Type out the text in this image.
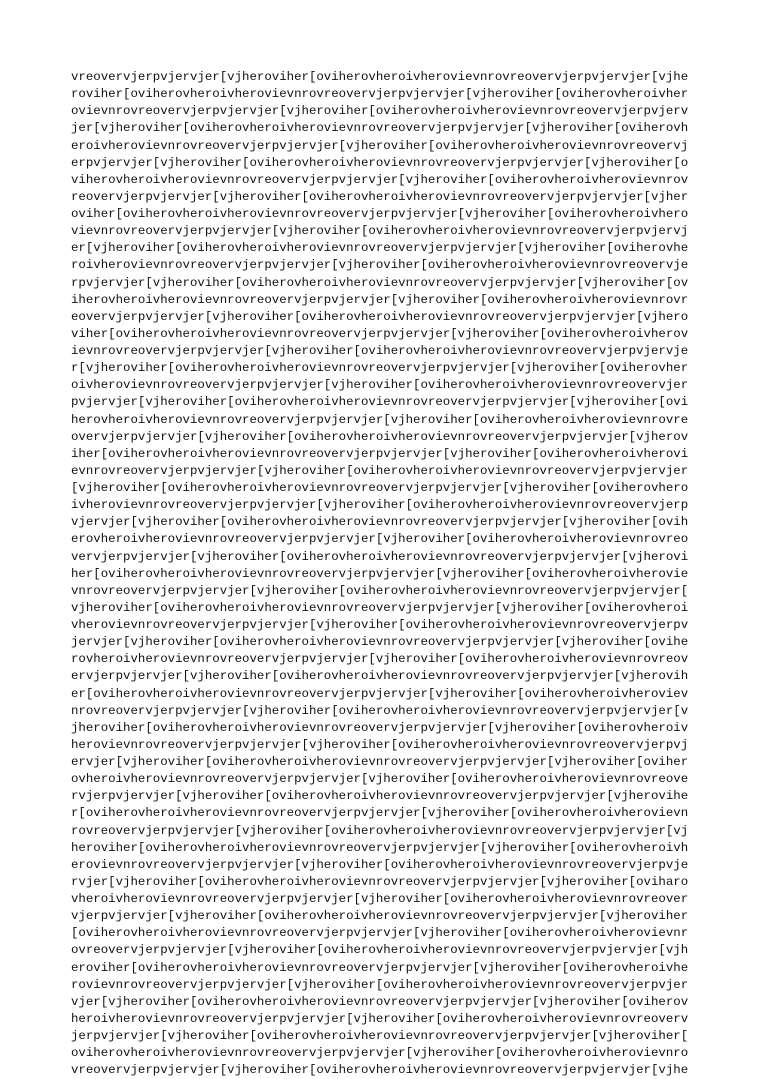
vreovervjerpvjervjer[vjheroviher[oviherovheroivherovievnrovreovervjerpvjervjer[vjhe
roviher[oviherovheroivherovievnrovreovervjerpvjervjer[vjheroviher[oviherovheroivher
ovievnrovreovervjerpvjervjer[vjheroviher[oviherovheroivherovievnrovreovervjerpvjerv
jer[vjheroviher[oviherovheroivherovievnrovreovervjerpvjervjer[vjheroviher[oviherovh
eroivherovievnrovreovervjerpvjervjer[vjheroviher[oviherovheroivherovievnrovreovervj
erpvjervjer[vjheroviher[oviherovheroivherovievnrovreovervjerpvjervjer[vjheroviher[o
viherovheroivherovievnrovreovervjerpvjervjer[vjheroviher[oviherovheroivherovievnrov
reovervjerpvjervjer[vjheroviher[oviherovheroivherovievnrovreovervjerpvjervjer[vjher
oviher[oviherovheroivherovievnrovreovervjerpvjervjer[vjheroviher[oviherovheroivhero
vievnrovreovervjerpvjervjer[vjheroviher[oviherovheroivherovievnrovreovervjerpvjervj
er[vjheroviher[oviherovheroivherovievnrovreovervjerpvjervjer[vjheroviher[oviherovhe
roivherovievnrovreovervjerpvjervjer[vjheroviher[oviherovheroivherovievnrovreovervje
rpvjervjer[vjheroviher[oviherovheroivherovievnrovreovervjerpvjervjer[vjheroviher[ov
iherovheroivherovievnrovreovervjerpvjervjer[vjheroviher[oviherovheroivherovievnrovr
eovervjerpvjervjer[vjheroviher[oviherovheroivherovievnrovreovervjerpvjervjer[vjhero
viher[oviherovheroivherovievnrovreovervjerpvjervjer[vjheroviher[oviherovheroivherov
ievnrovreovervjerpvjervjer[vjheroviher[oviherovheroivherovievnrovreovervjerpvjervje
r[vjheroviher[oviherovheroivherovievnrovreovervjerpvjervjer[vjheroviher[oviherovher
oivherovievnrovreovervjerpvjervjer[vjheroviher[oviherovheroivherovievnrovreovervjer
pvjervjer[vjheroviher[oviherovheroivherovievnrovreovervjerpvjervjer[vjheroviher[ovi
herovheroivherovievnrovreovervjerpvjervjer[vjheroviher[oviherovheroivherovievnrovre
overvjerpvjervjer[vjheroviher[oviherovheroivherovievnrovreovervjerpvjervjer[vjherov
iher[oviherovheroivherovievnrovreovervjerpvjervjer[vjheroviher[oviherovheroivherovi
evnrovreovervjerpvjervjer[vjheroviher[oviherovheroivherovievnrovreovervjerpvjervjer
[vjheroviher[oviherovheroivherovievnrovreovervjerpvjervjer[vjheroviher[oviherovhero
ivherovievnrovreovervjerpvjervjer[vjheroviher[oviherovheroivherovievnrovreovervjerp
vjervjer[vjheroviher[oviherovheroivherovievnrovreovervjerpvjervjer[vjheroviher[ovih
erovheroivherovievnrovreovervjerpvjervjer[vjheroviher[oviherovheroivherovievnrovreo
vervjerpvjervjer[vjheroviher[oviherovheroivherovievnrovreovervjerpvjervjer[vjherovi
her[oviherovheroivherovievnrovreovervjerpvjervjer[vjheroviher[oviherovheroivherovie
vnrovreovervjerpvjervjer[vjheroviher[oviherovheroivherovievnrovreovervjerpvjervjer[
vjheroviher[oviherovheroivherovievnrovreovervjerpvjervjer[vjheroviher[oviherovheroi
vherovievnrovreovervjerpvjervjer[vjheroviher[oviherovheroivherovievnrovreovervjerpv
jervjer[vjheroviher[oviherovheroivherovievnrovreovervjerpvjervjer[vjheroviher[ovihe
rovheroivherovievnrovreovervjerpvjervjer[vjheroviher[oviherovheroivherovievnrovreov
ervjerpvjervjer[vjheroviher[oviherovheroivherovievnrovreovervjerpvjervjer[vjherovih
er[oviherovheroivherovievnrovreovervjerpvjervjer[vjheroviher[oviherovheroivheroviev
nrovreovervjerpvjervjer[vjheroviher[oviherovheroivherovievnrovreovervjerpvjervjer[v
jheroviher[oviherovheroivherovievnrovreovervjerpvjervjer[vjheroviher[oviherovheroiv
herovievnrovreovervjerpvjervjer[vjheroviher[oviherovheroivherovievnrovreovervjerpvj
ervjer[vjheroviher[oviherovheroivherovievnrovreovervjerpvjervjer[vjheroviher[oviher
ovheroivherovievnrovreovervjerpvjervjer[vjheroviher[oviherovheroivherovievnrovreove
rvjerpvjervjer[vjheroviher[oviherovheroivherovievnrovreovervjerpvjervjer[vjherovihe
r[oviherovheroivherovievnrovreovervjerpvjervjer[vjheroviher[oviherovheroivherovievn
rovreovervjerpvjervjer[vjheroviher[oviherovheroivherovievnrovreovervjerpvjervjer[vj
heroviher[oviherovheroivherovievnrovreovervjerpvjervjer[vjheroviher[oviherovheroivh
erovievnrovreovervjerpvjervjer[vjheroviher[oviherovheroivherovievnrovreovervjerpvje
rvjer[vjheroviher[oviherovheroivherovievnrovreovervjerpvjervjer[vjheroviher[oviharo
vheroivherovievnrovreovervjerpvjervjer[vjheroviher[oviherovheroivherovievnrovreover
vjerpvjervjer[vjheroviher[oviherovheroivherovievnrovreovervjerpvjervjer[vjheroviher
[oviherovheroivherovievnrovreovervjerpvjervjer[vjheroviher[oviherovheroivherovievnr
ovreovervjerpvjervjer[vjheroviher[oviherovheroivherovievnrovreovervjerpvjervjer[vjh
eroviher[oviherovheroivherovievnrovreovervjerpvjervjer[vjheroviher[oviherovheroivhe
rovievnrovreovervjerpvjervjer[vjheroviher[oviherovheroivherovievnrovreovervjerpvjer
vjer[vjheroviher[oviherovheroivherovievnrovreovervjerpvjervjer[vjheroviher[oviherov
heroivherovievnrovreovervjerpvjervjer[vjheroviher[oviherovheroivherovievnrovreoverv
jerpvjervjer[vjheroviher[oviherovheroivherovievnrovreovervjerpvjervjer[vjheroviher[
oviherovheroivherovievnrovreovervjerpvjervjer[vjheroviher[oviherovheroivherovievnro
vreovervjerpvjervjer[vjheroviher[oviherovheroivherovievnrovreovervjerpvjervjer[vjhe
